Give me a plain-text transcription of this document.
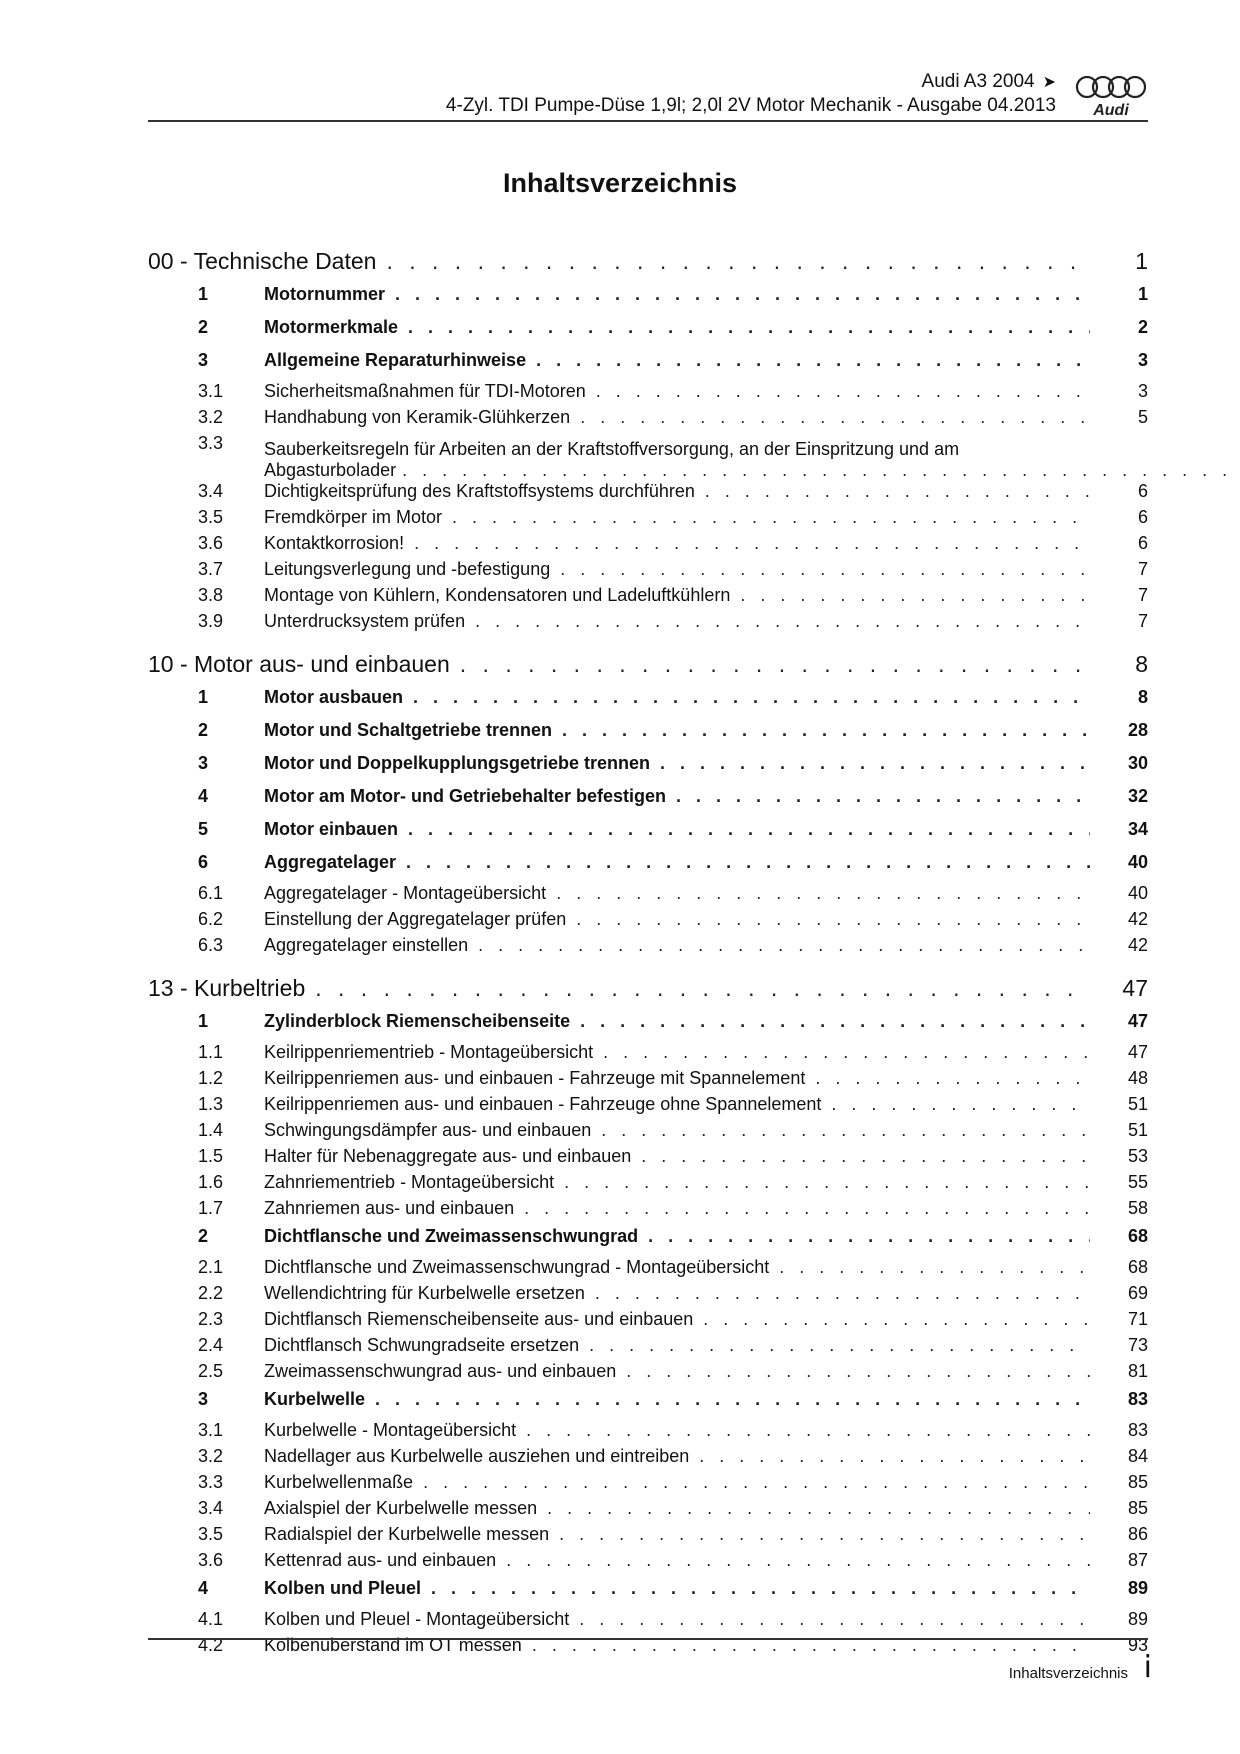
Audi A3 2004 ➤
4-Zyl. TDI Pumpe-Düse 1,9l; 2,0l 2V Motor Mechanik - Ausgabe 04.2013 Audi
Inhaltsverzeichnis
00 - Technische Daten . . .	1
1	Motornummer . . .	1
2	Motormerkmale . . .	2
3	Allgemeine Reparaturhinweise . . .	3
3.1	Sicherheitsmaßnahmen für TDI-Motoren . . .	3
3.2	Handhabung von Keramik-Glühkerzen . . .	5
3.3	Sauberkeitsregeln für Arbeiten an der Kraftstoffversorgung, an der Einspritzung und am
Abgasturbolader
. . .
3.4	Dichtigkeitsprüfung des Kraftstoffsystems durchführen . . .	6
3.5	Fremdkörper im Motor . . .	6
3.6	Kontaktkorrosion! . . .	6
3.7	Leitungsverlegung und -befestigung . . .	7
3.8	Montage von Kühlern, Kondensatoren und Ladeluftkühlern . . .	7
3.9	Unterdrucksystem prüfen . . .	7
10 - Motor aus- und einbauen . . .	8
1	Motor ausbauen . . .	8
2	Motor und Schaltgetriebe trennen . . .	28
3	Motor und Doppelkupplungsgetriebe trennen . . .	30
4	Motor am Motor- und Getriebehalter befestigen . . .	32
5	Motor einbauen . . .	34
6	Aggregatelager . . .	40
6.1	Aggregatelager - Montageübersicht . . .	40
6.2	Einstellung der Aggregatelager prüfen . . .	42
6.3	Aggregatelager einstellen . . .	42
13 - Kurbeltrieb . . .	47
1	Zylinderblock Riemenscheibenseite . . .	47
1.1	Keilrippenriementrieb - Montageübersicht . . .	47
1.2	Keilrippenriemen aus- und einbauen - Fahrzeuge mit Spannelement . . .	48
1.3	Keilrippenriemen aus- und einbauen - Fahrzeuge ohne Spannelement . . .	51
1.4	Schwingungsdämpfer aus- und einbauen . . .	51
1.5	Halter für Nebenaggregate aus- und einbauen . . .	53
1.6	Zahnriementrieb - Montageübersicht . . .	55
1.7	Zahnriemen aus- und einbauen . . .	58
2	Dichtflansche und Zweimassenschwungrad . . .	68
2.1	Dichtflansche und Zweimassenschwungrad - Montageübersicht . . .	68
2.2	Wellendichtring für Kurbelwelle ersetzen . . .	69
2.3	Dichtflansch Riemenscheibenseite aus- und einbauen . . .	71
2.4	Dichtflansch Schwungradseite ersetzen . . .	73
2.5	Zweimassenschwungrad aus- und einbauen . . .	81
3	Kurbelwelle . . .	83
3.1	Kurbelwelle - Montageübersicht . . .	83
3.2	Nadellager aus Kurbelwelle ausziehen und eintreiben . . .	84
3.3	Kurbelwellenmaße . . .	85
3.4	Axialspiel der Kurbelwelle messen . . .	85
3.5	Radialspiel der Kurbelwelle messen . . .	86
3.6	Kettenrad aus- und einbauen . . .	87
4	Kolben und Pleuel . . .	89
4.1	Kolben und Pleuel - Montageübersicht . . .	89
4.2	Kolbenüberstand im OT messen . . .	93
Inhaltsverzeichnis i
